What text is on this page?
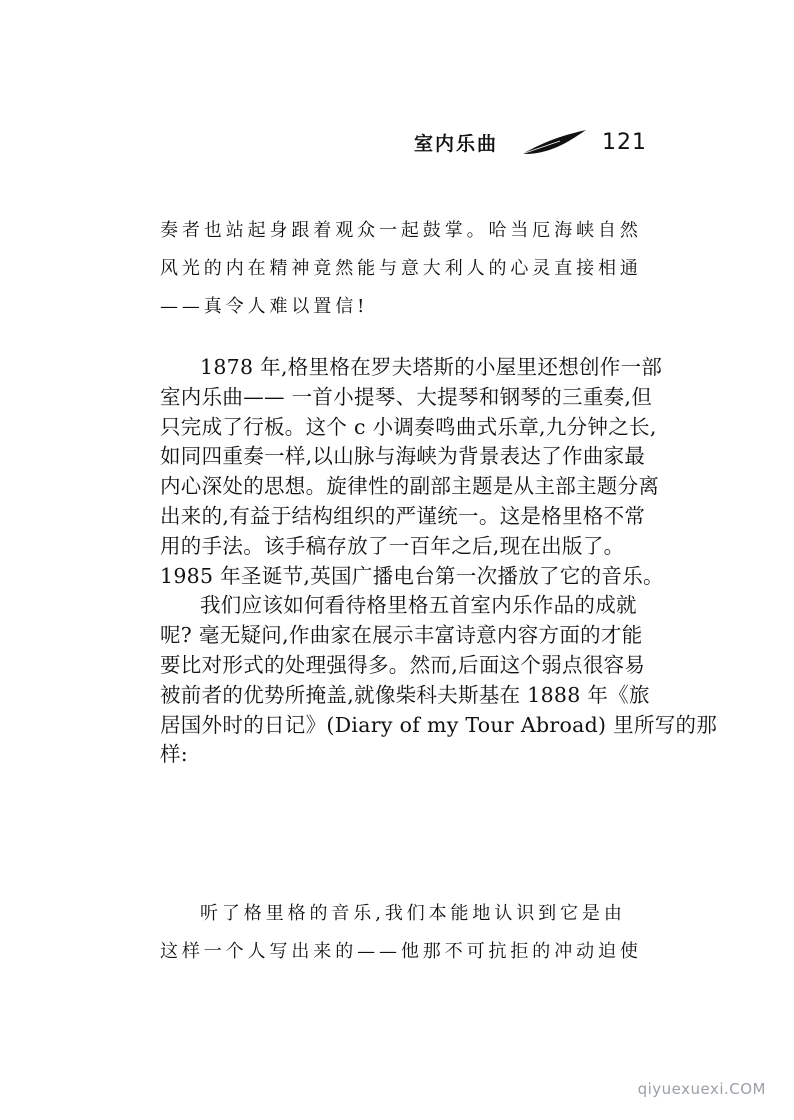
室内乐曲	121
奏者也站起身跟着观众一起鼓掌。哈当厄海峡自然
风光的内在精神竟然能与意大利人的心灵直接相通
——真令人难以置信!
1878 年,格里格在罗夫塔斯的小屋里还想创作一部
室内乐曲—— 一首小提琴、大提琴和钢琴的三重奏,但
只完成了行板。这个 c 小调奏鸣曲式乐章,九分钟之长,
如同四重奏一样,以山脉与海峡为背景表达了作曲家最
内心深处的思想。旋律性的副部主题是从主部主题分离
出来的,有益于结构组织的严谨统一。这是格里格不常
用的手法。该手稿存放了一百年之后,现在出版了。
1985 年圣诞节,英国广播电台第一次播放了它的音乐。
我们应该如何看待格里格五首室内乐作品的成就
呢? 毫无疑问,作曲家在展示丰富诗意内容方面的才能
要比对形式的处理强得多。然而,后面这个弱点很容易
被前者的优势所掩盖,就像柴科夫斯基在 1888 年《旅
居国外时的日记》(Diary of my Tour Abroad) 里所写的那
样:
听了格里格的音乐,我们本能地认识到它是由
这样一个人写出来的——他那不可抗拒的冲动迫使
qiyuexuexi.COM
